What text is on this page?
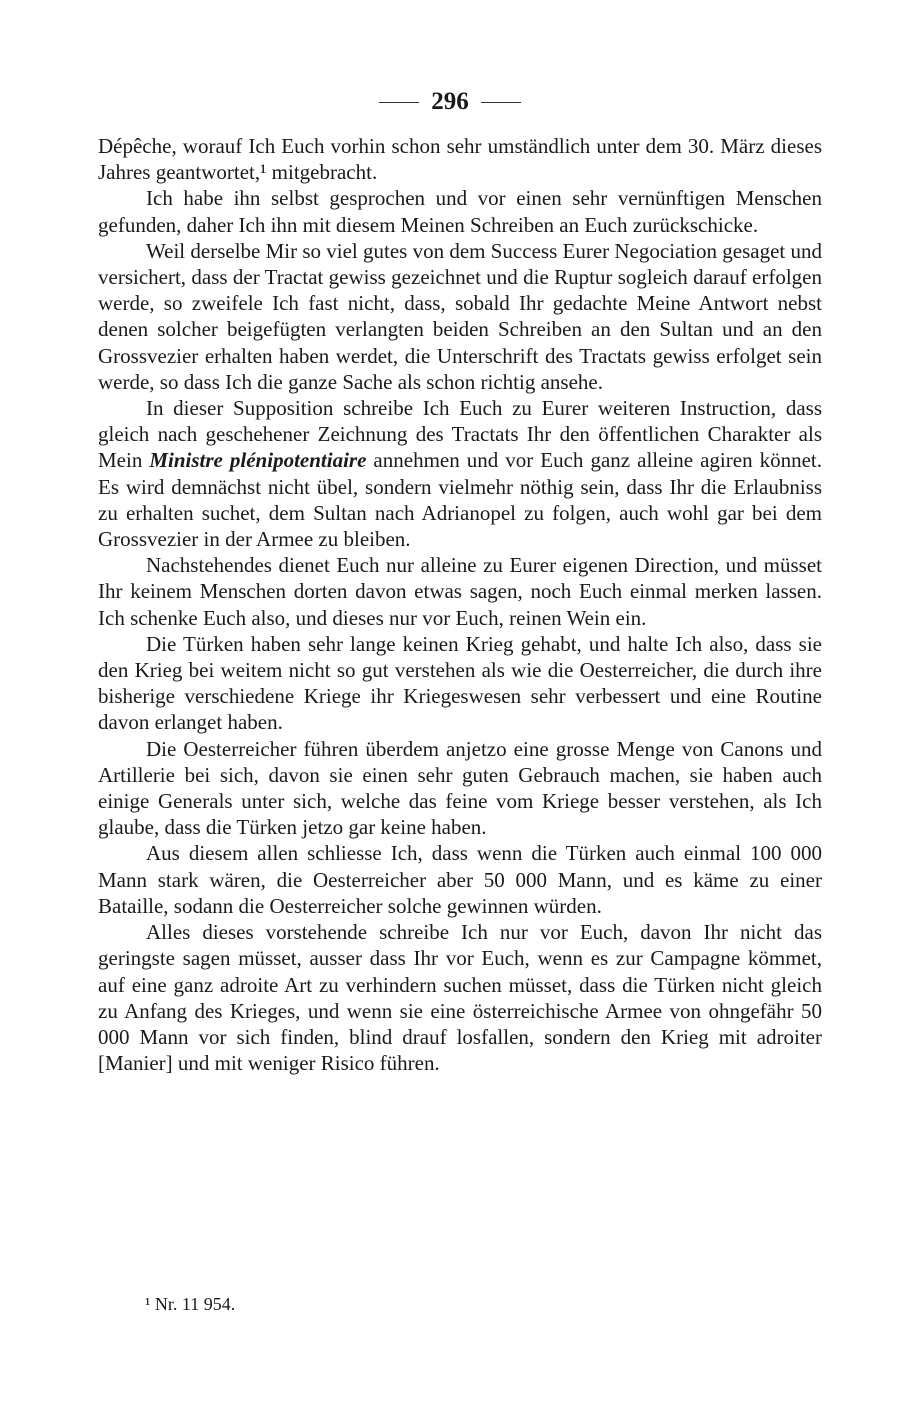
296

Dépêche, worauf Ich Euch vorhin schon sehr umständlich unter dem 30. März dieses Jahres geantwortet,¹ mitgebracht.

Ich habe ihn selbst gesprochen und vor einen sehr vernünftigen Menschen gefunden, daher Ich ihn mit diesem Meinen Schreiben an Euch zurückschicke.

Weil derselbe Mir so viel gutes von dem Success Eurer Negociation gesaget und versichert, dass der Tractat gewiss gezeichnet und die Ruptur sogleich darauf erfolgen werde, so zweifele Ich fast nicht, dass, sobald Ihr gedachte Meine Antwort nebst denen solcher beigefügten verlangten beiden Schreiben an den Sultan und an den Grossvezier erhalten haben werdet, die Unterschrift des Tractats gewiss erfolget sein werde, so dass Ich die ganze Sache als schon richtig ansehe.

In dieser Supposition schreibe Ich Euch zu Eurer weiteren Instruction, dass gleich nach geschehener Zeichnung des Tractats Ihr den öffentlichen Charakter als Mein Ministre plénipotentiaire annehmen und vor Euch ganz alleine agiren könnet. Es wird demnächst nicht übel, sondern vielmehr nöthig sein, dass Ihr die Erlaubniss zu erhalten suchet, dem Sultan nach Adrianopel zu folgen, auch wohl gar bei dem Grossvezier in der Armee zu bleiben.

Nachstehendes dienet Euch nur alleine zu Eurer eigenen Direction, und müsset Ihr keinem Menschen dorten davon etwas sagen, noch Euch einmal merken lassen. Ich schenke Euch also, und dieses nur vor Euch, reinen Wein ein.

Die Türken haben sehr lange keinen Krieg gehabt, und halte Ich also, dass sie den Krieg bei weitem nicht so gut verstehen als wie die Oesterreicher, die durch ihre bisherige verschiedene Kriege ihr Kriegeswesen sehr verbessert und eine Routine davon erlanget haben.

Die Oesterreicher führen überdem anjetzo eine grosse Menge von Canons und Artillerie bei sich, davon sie einen sehr guten Gebrauch machen, sie haben auch einige Generals unter sich, welche das feine vom Kriege besser verstehen, als Ich glaube, dass die Türken jetzo gar keine haben.

Aus diesem allen schliesse Ich, dass wenn die Türken auch einmal 100 000 Mann stark wären, die Oesterreicher aber 50 000 Mann, und es käme zu einer Bataille, sodann die Oesterreicher solche gewinnen würden.

Alles dieses vorstehende schreibe Ich nur vor Euch, davon Ihr nicht das geringste sagen müsset, ausser dass Ihr vor Euch, wenn es zur Campagne kömmet, auf eine ganz adroite Art zu verhindern suchen müsset, dass die Türken nicht gleich zu Anfang des Krieges, und wenn sie eine österreichische Armee von ohngefähr 50 000 Mann vor sich finden, blind drauf losfallen, sondern den Krieg mit adroiter [Manier] und mit weniger Risico führen.

¹ Nr. 11 954.
